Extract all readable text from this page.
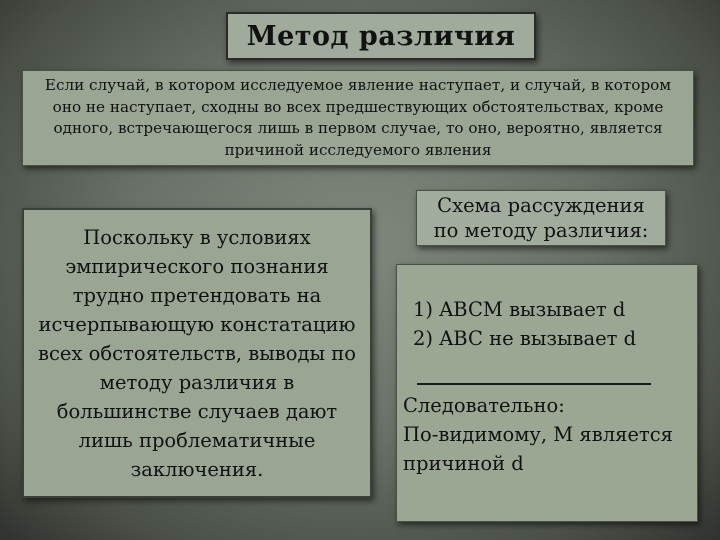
Метод различия
Если случай, в котором исследуемое явление наступает, и случай, в котором оно не наступает, сходны во всех предшествующих обстоятельствах, кроме одного, встречающегося лишь в первом случае, то оно, вероятно, является причиной исследуемого явления
Поскольку в условиях эмпирического познания трудно претендовать на исчерпывающую констатацию всех обстоятельств, выводы по методу различия в большинстве случаев дают лишь проблематичные заключения.
Схема рассуждения
по методу различия:
1) ABCM вызывает d
2) ABC не вызывает d
Следовательно:
По-видимому, М является
причиной d
